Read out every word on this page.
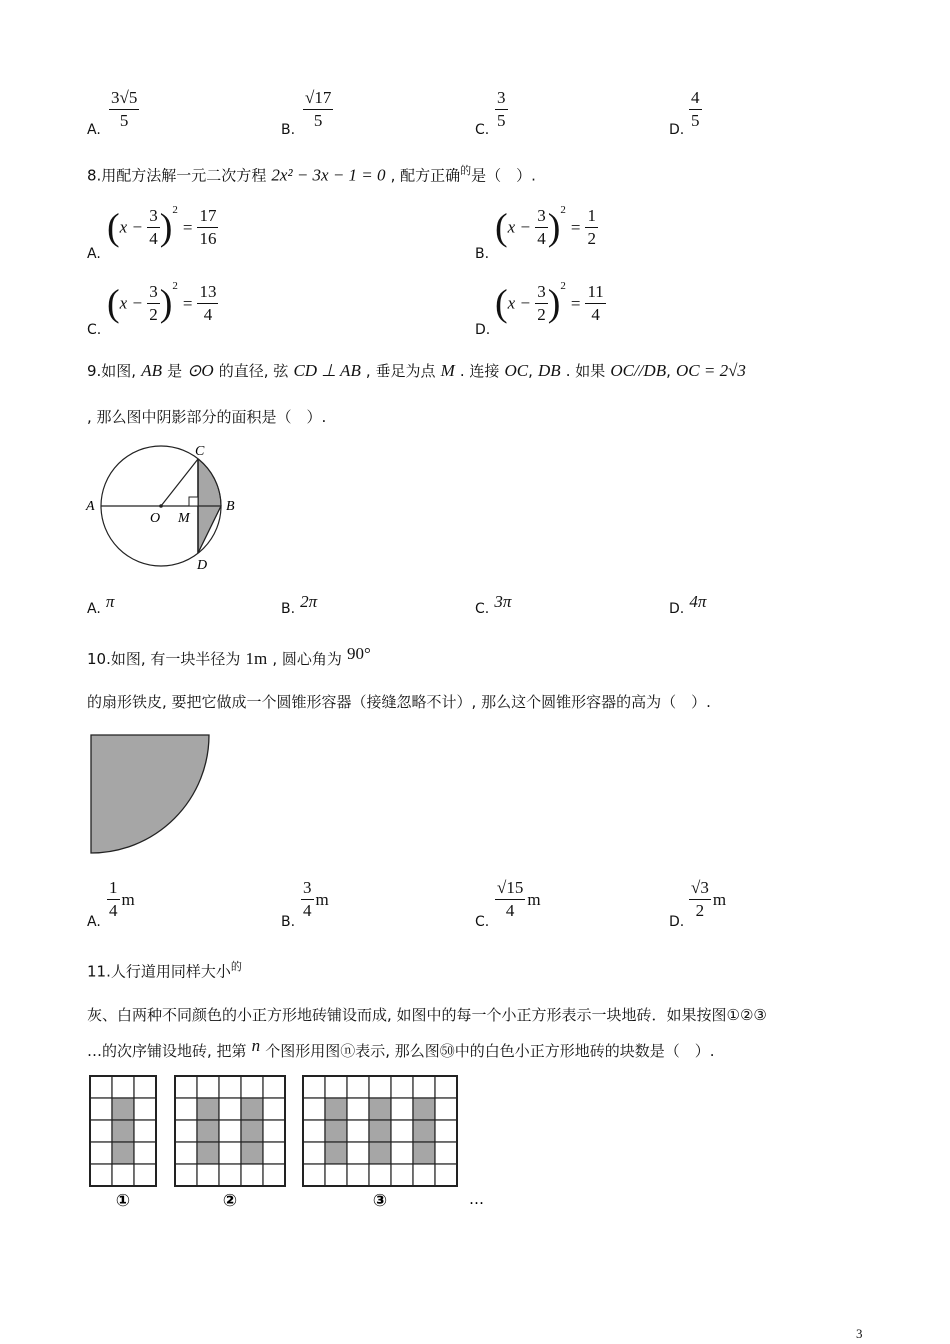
A. $\frac{3√5}{5}$	B. $\frac{√17}{5}$	C. $\frac{3}{5}$	D. $\frac{4}{5}$
8.用配方法解一元二次方程 2x² − 3x − 1 = 0 , 配方正确$^的$是（　）.
A.
$(x - \frac{3}{4} )^2= \frac{17}{16}$
B.
$(x - \frac{3}{4} )^2= \frac{1}{2}$
C.
$(x - \frac{3}{2} )^2= \frac{13}{4}$
D.
$(x - \frac{3}{2} )^2= \frac{11}{4}$
9.如图, AB 是 ⊙O 的直径, 弦 CD ⊥ AB , 垂足为点 M . 连接 OC, DB . 如果 OC//DB, OC = 2√3
, 那么图中阴影部分的面积是（　）.
A
O M
B
C
D
A. π	B. 2π	C. 3π	D. 4π
10.如图, 有一块半径为 1m , 圆心角为 90°
的扇形铁皮, 要把它做成一个圆锥形容器（接缝忽略不计）, 那么这个圆锥形容器的高为（　）.
A.
$\frac{1}{4}$ m
B.
$\frac{3}{4}$ m
C.
$\frac{√15}{4}$ m
D.
$\frac{√3}{2}$ m
11.人行道用同样大小$^的$
灰、白两种不同颜色的小正方形地砖铺设而成, 如图中的每一个小正方形表示一块地砖．如果按图①②③
…的次序铺设地砖, 把第 n 个图形用图ⓝ表示, 那么图㊿中的白色小正方形地砖的块数是（　）.
①	②	③	…
3
